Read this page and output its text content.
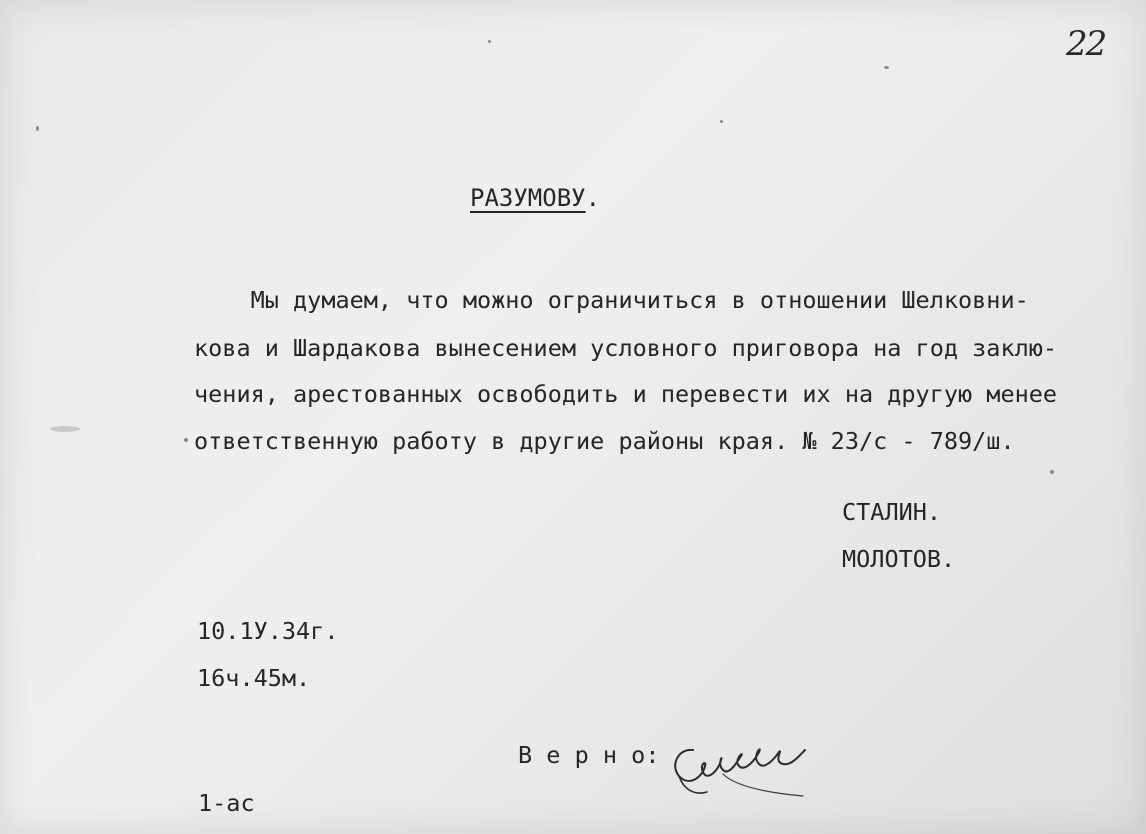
22
РАЗУМОВУ.
Мы думаем, что можно ограничиться в отношении Шелковни-
кова и Шардакова вынесением условного приговора на год заклю-
чения, арестованных освободить и перевести их на другую менее
ответственную работу в другие районы края. № 23/с - 789/ш.
СТАЛИН.
МОЛОТОВ.
10.1У.34г.
16ч.45м.
В е р н о:
1-ас
